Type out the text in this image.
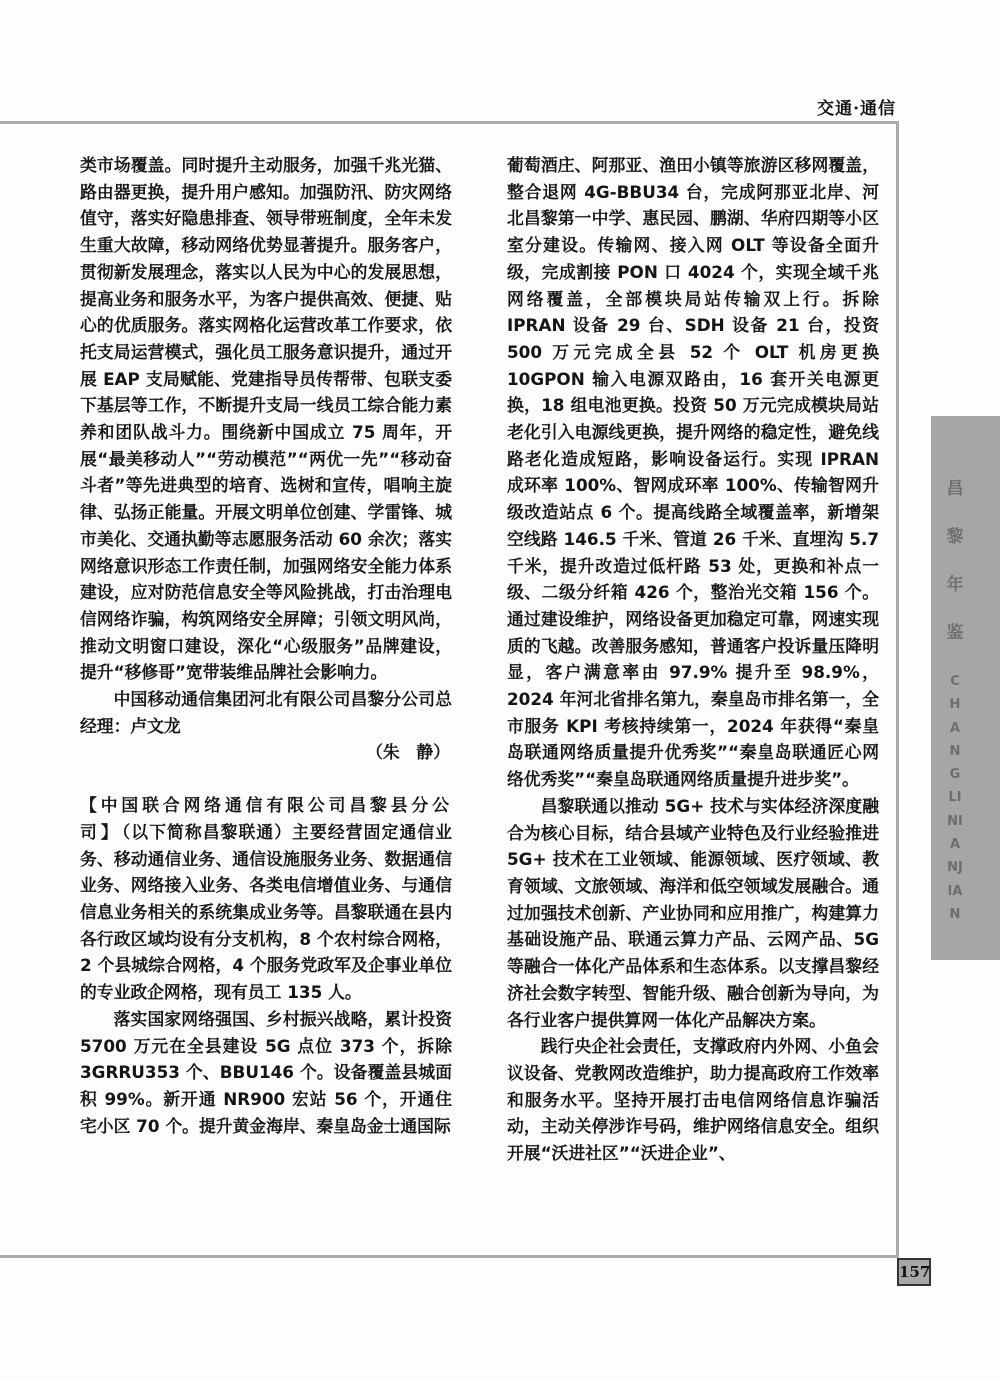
交通·通信

类市场覆盖。同时提升主动服务，加强千兆光猫、路由器更换，提升用户感知。加强防汛、防灾网络值守，落实好隐患排查、领导带班制度，全年未发生重大故障，移动网络优势显著提升。服务客户，贯彻新发展理念，落实以人民为中心的发展思想，提高业务和服务水平，为客户提供高效、便捷、贴心的优质服务。落实网格化运营改革工作要求，依托支局运营模式，强化员工服务意识提升，通过开展 EAP 支局赋能、党建指导员传帮带、包联支委下基层等工作，不断提升支局一线员工综合能力素养和团队战斗力。围绕新中国成立 75 周年，开展“最美移动人”“劳动模范”“两优一先”“移动奋斗者”等先进典型的培育、选树和宣传，唱响主旋律、弘扬正能量。开展文明单位创建、学雷锋、城市美化、交通执勤等志愿服务活动 60 余次；落实网络意识形态工作责任制，加强网络安全能力体系建设，应对防范信息安全等风险挑战，打击治理电信网络诈骗，构筑网络安全屏障；引领文明风尚，推动文明窗口建设，深化“心级服务”品牌建设，提升“移修哥”宽带装维品牌社会影响力。

中国移动通信集团河北有限公司昌黎分公司总经理：卢文龙

（朱　静）

【中国联合网络通信有限公司昌黎县分公司】（以下简称昌黎联通）主要经营固定通信业务、移动通信业务、通信设施服务业务、数据通信业务、网络接入业务、各类电信增值业务、与通信信息业务相关的系统集成业务等。昌黎联通在县内各行政区域均设有分支机构，8 个农村综合网格，2 个县城综合网格，4 个服务党政军及企事业单位的专业政企网格，现有员工 135 人。

落实国家网络强国、乡村振兴战略，累计投资 5700 万元在全县建设 5G 点位 373 个，拆除 3GRRU353 个、BBU146 个。设备覆盖县城面积 99%。新开通 NR900 宏站 56 个，开通住宅小区 70 个。提升黄金海岸、秦皇岛金士通国际

葡萄酒庄、阿那亚、渔田小镇等旅游区移网覆盖，整合退网 4G-BBU34 台，完成阿那亚北岸、河北昌黎第一中学、惠民园、鹏湖、华府四期等小区室分建设。传输网、接入网 OLT 等设备全面升级，完成割接 PON 口 4024 个，实现全域千兆网络覆盖，全部模块局站传输双上行。拆除 IPRAN 设备 29 台、SDH 设备 21 台，投资 500 万元完成全县 52 个 OLT 机房更换 10GPON 输入电源双路由，16 套开关电源更换，18 组电池更换。投资 50 万元完成模块局站老化引入电源线更换，提升网络的稳定性，避免线路老化造成短路，影响设备运行。实现 IPRAN 成环率 100%、智网成环率 100%、传输智网升级改造站点 6 个。提高线路全域覆盖率，新增架空线路 146.5 千米、管道 26 千米、直埋沟 5.7 千米，提升改造过低杆路 53 处，更换和补点一级、二级分纤箱 426 个，整治光交箱 156 个。通过建设维护，网络设备更加稳定可靠，网速实现质的飞越。改善服务感知，普通客户投诉量压降明显，客户满意率由 97.9% 提升至 98.9%，2024 年河北省排名第九，秦皇岛市排名第一，全市服务 KPI 考核持续第一，2024 年获得“秦皇岛联通网络质量提升优秀奖”“秦皇岛联通匠心网络优秀奖”“秦皇岛联通网络质量提升进步奖”。

昌黎联通以推动 5G+ 技术与实体经济深度融合为核心目标，结合县域产业特色及行业经验推进 5G+ 技术在工业领域、能源领域、医疗领域、教育领域、文旅领域、海洋和低空领域发展融合。通过加强技术创新、产业协同和应用推广，构建算力基础设施产品、联通云算力产品、云网产品、5G 等融合一体化产品体系和生态体系。以支撑昌黎经济社会数字转型、智能升级、融合创新为导向，为各行业客户提供算网一体化产品解决方案。

践行央企社会责任，支撑政府内外网、小鱼会议设备、党教网改造维护，助力提高政府工作效率和服务水平。坚持开展打击电信网络信息诈骗活动，主动关停涉诈号码，维护网络信息安全。组织开展“沃进社区”“沃进企业”、

昌
黎
年
鉴
CHANGLINIANJIAN
157
